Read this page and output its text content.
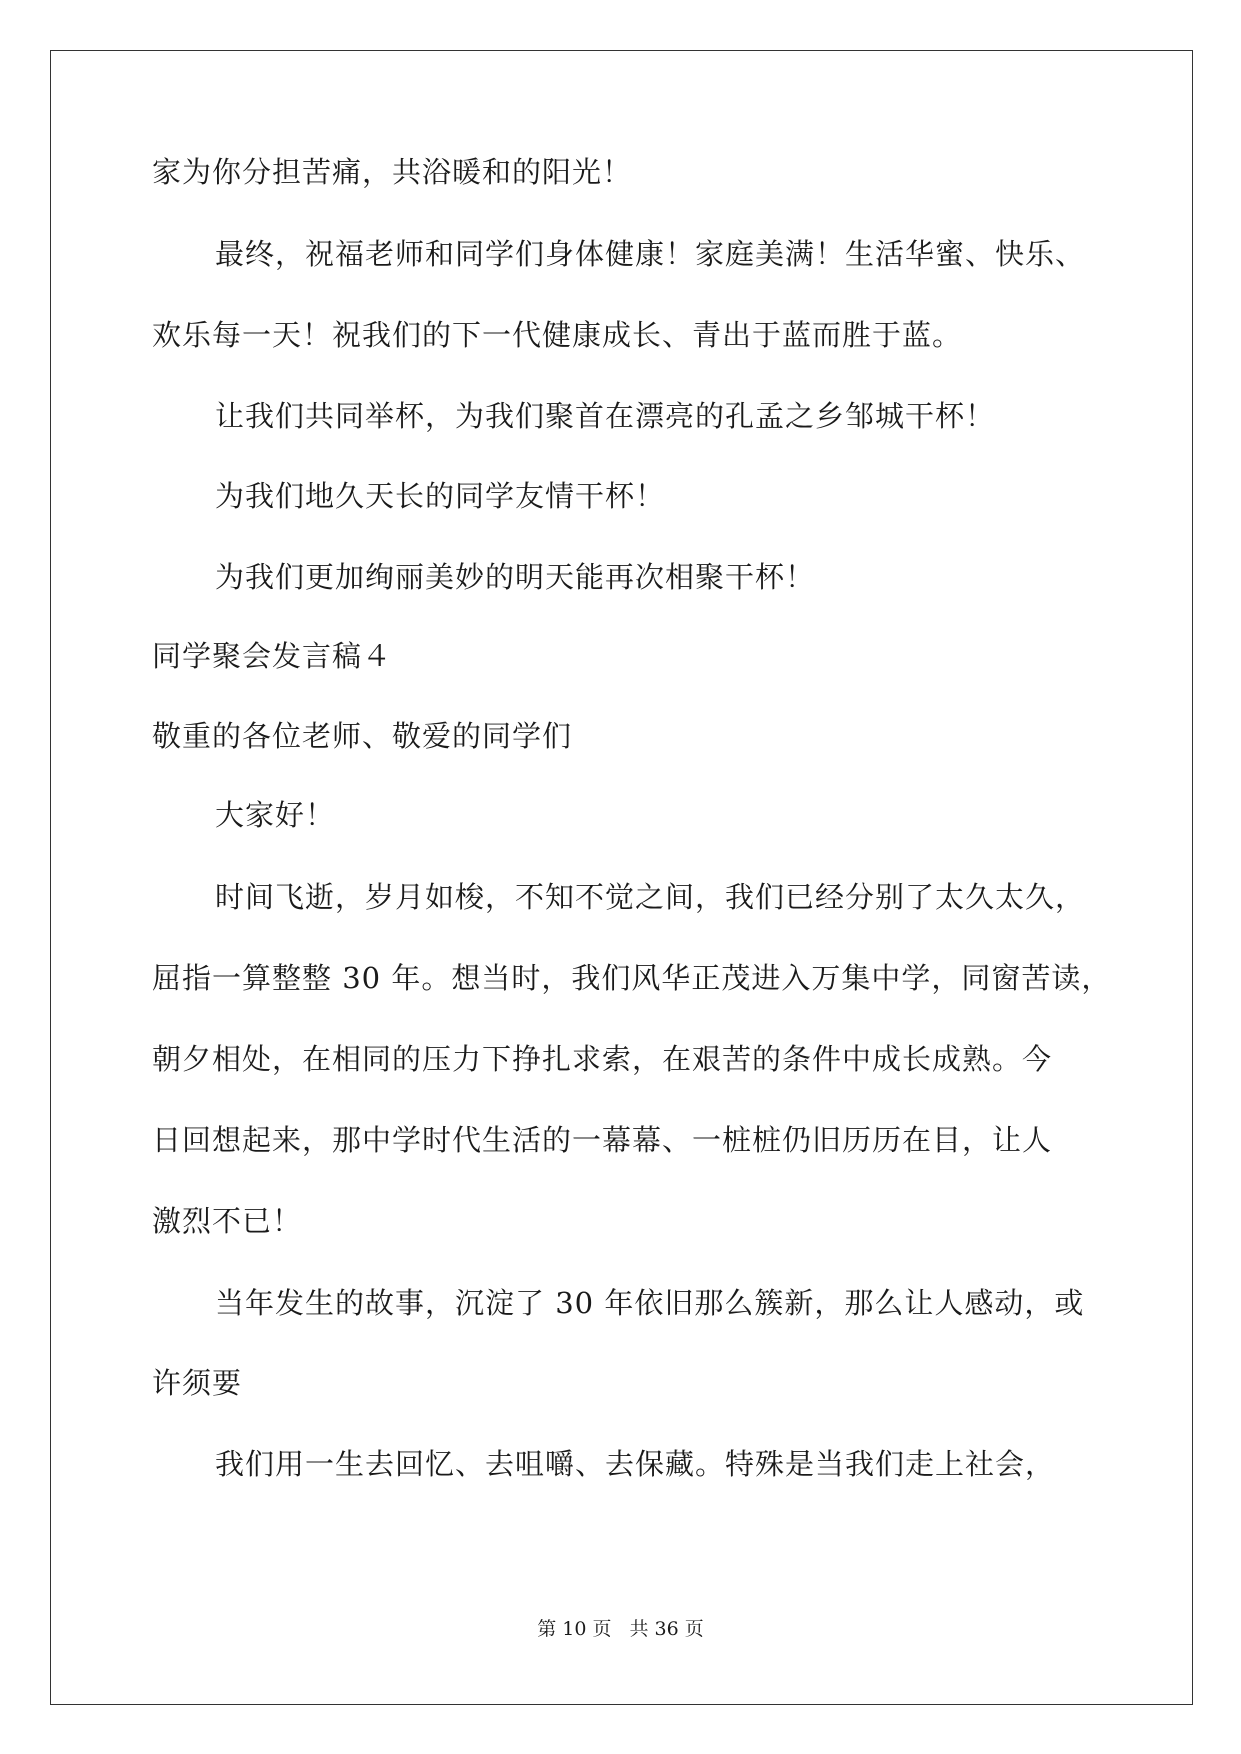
家为你分担苦痛，共浴暖和的阳光！
最终，祝福老师和同学们身体健康！家庭美满！生活华蜜、快乐、
欢乐每一天！祝我们的下一代健康成长、青出于蓝而胜于蓝。
让我们共同举杯，为我们聚首在漂亮的孔孟之乡邹城干杯！
为我们地久天长的同学友情干杯！
为我们更加绚丽美妙的明天能再次相聚干杯！
同学聚会发言稿４
敬重的各位老师、敬爱的同学们
大家好！
时间飞逝，岁月如梭，不知不觉之间，我们已经分别了太久太久，
屈指一算整整 30 年。想当时，我们风华正茂进入万集中学，同窗苦读，
朝夕相处，在相同的压力下挣扎求索，在艰苦的条件中成长成熟。今
日回想起来，那中学时代生活的一幕幕、一桩桩仍旧历历在目，让人
激烈不已！
当年发生的故事，沉淀了 30 年依旧那么簇新，那么让人感动，或
许须要
我们用一生去回忆、去咀嚼、去保藏。特殊是当我们走上社会，
第 10 页 共 36 页
